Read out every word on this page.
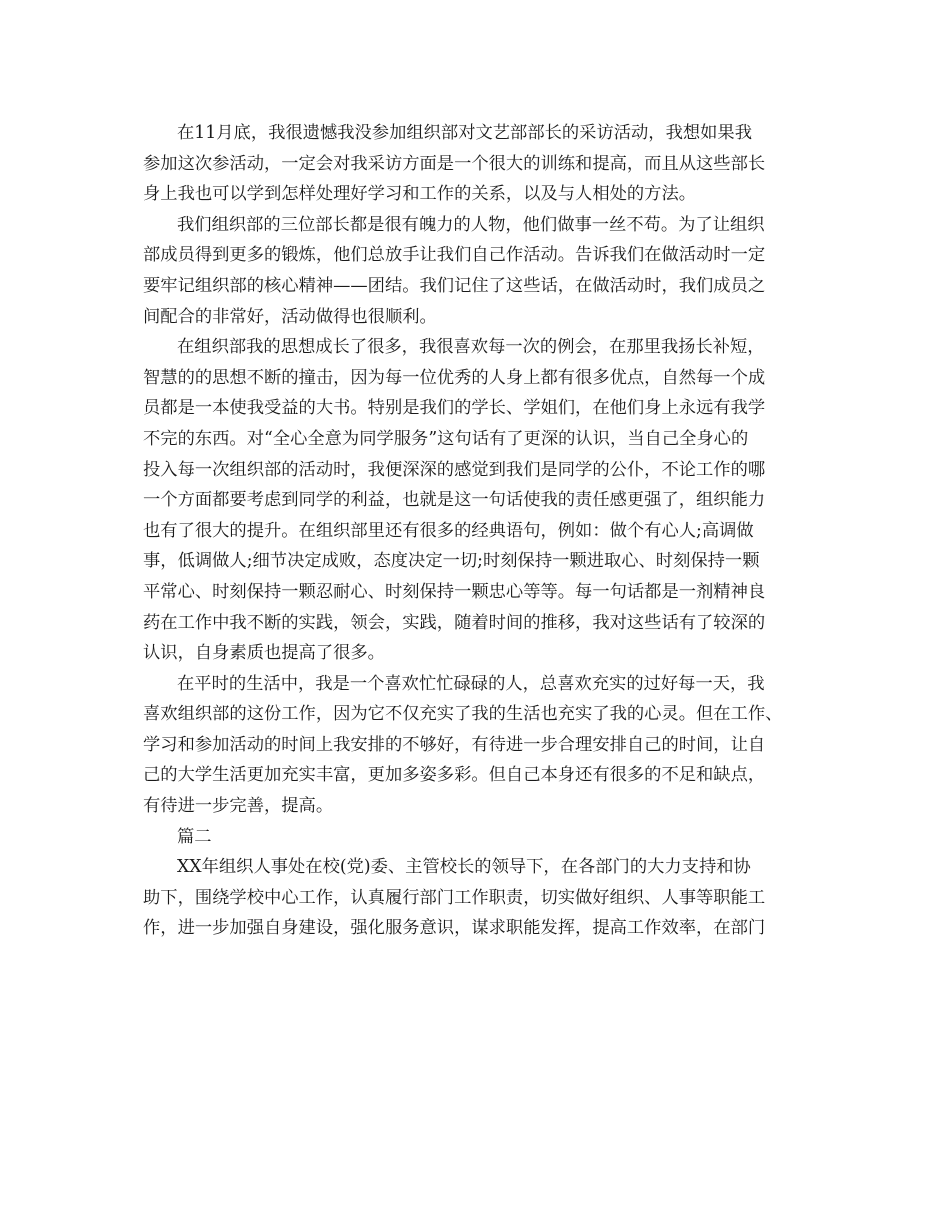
在11月底，我很遗憾我没参加组织部对文艺部部长的采访活动，我想如果我
参加这次参活动，一定会对我采访方面是一个很大的训练和提高，而且从这些部长
身上我也可以学到怎样处理好学习和工作的关系，以及与人相处的方法。
我们组织部的三位部长都是很有魄力的人物，他们做事一丝不苟。为了让组织
部成员得到更多的锻炼，他们总放手让我们自己作活动。告诉我们在做活动时一定
要牢记组织部的核心精神——团结。我们记住了这些话，在做活动时，我们成员之
间配合的非常好，活动做得也很顺利。
在组织部我的思想成长了很多，我很喜欢每一次的例会，在那里我扬长补短，
智慧的的思想不断的撞击，因为每一位优秀的人身上都有很多优点，自然每一个成
员都是一本使我受益的大书。特别是我们的学长、学姐们，在他们身上永远有我学
不完的东西。对“全心全意为同学服务”这句话有了更深的认识，当自己全身心的
投入每一次组织部的活动时，我便深深的感觉到我们是同学的公仆，不论工作的哪
一个方面都要考虑到同学的利益，也就是这一句话使我的责任感更强了，组织能力
也有了很大的提升。在组织部里还有很多的经典语句，例如：做个有心人;高调做
事，低调做人;细节决定成败，态度决定一切;时刻保持一颗进取心、时刻保持一颗
平常心、时刻保持一颗忍耐心、时刻保持一颗忠心等等。每一句话都是一剂精神良
药在工作中我不断的实践，领会，实践，随着时间的推移，我对这些话有了较深的
认识，自身素质也提高了很多。
在平时的生活中，我是一个喜欢忙忙碌碌的人，总喜欢充实的过好每一天，我
喜欢组织部的这份工作，因为它不仅充实了我的生活也充实了我的心灵。但在工作、
学习和参加活动的时间上我安排的不够好，有待进一步合理安排自己的时间，让自
己的大学生活更加充实丰富，更加多姿多彩。但自己本身还有很多的不足和缺点，
有待进一步完善，提高。
篇二
XX年组织人事处在校(党)委、主管校长的领导下，在各部门的大力支持和协
助下，围绕学校中心工作，认真履行部门工作职责，切实做好组织、人事等职能工
作，进一步加强自身建设，强化服务意识，谋求职能发挥，提高工作效率，在部门
